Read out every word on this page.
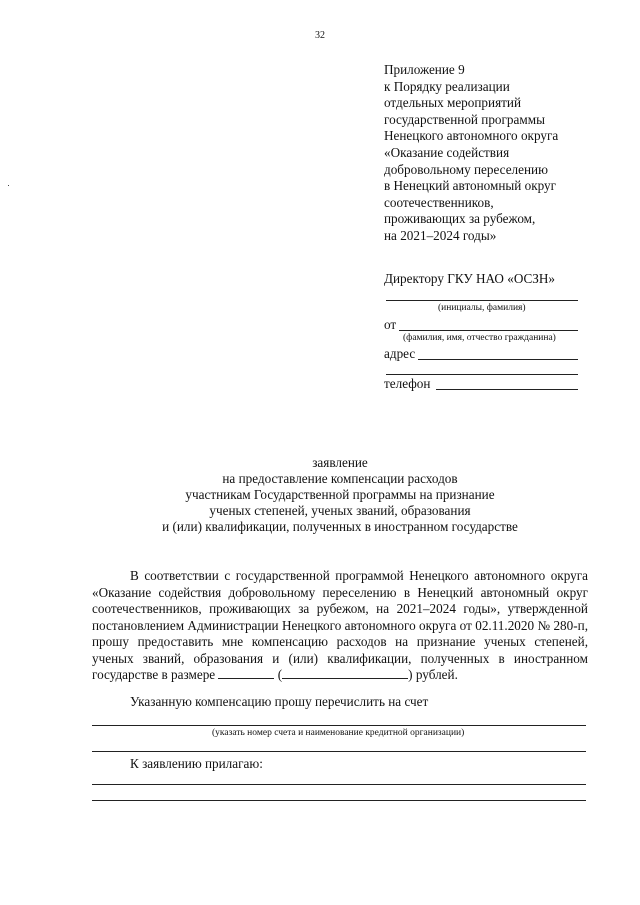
32
Приложение 9
к Порядку реализации
отдельных мероприятий
государственной программы
Ненецкого автономного округа
«Оказание содействия
добровольному переселению
в Ненецкий автономный округ
соотечественников,
проживающих за рубежом,
на 2021–2024 годы»
Директору ГКУ НАО «ОСЗН»
(инициалы, фамилия)
от
(фамилия, имя, отчество гражданина)
адрес
телефон
заявление
на предоставление компенсации расходов
участникам Государственной программы на признание
ученых степеней, ученых званий, образования
и (или) квалификации, полученных в иностранном государстве

В соответствии с государственной программой Ненецкого автономного округа «Оказание содействия добровольному переселению в Ненецкий автономный округ соотечественников, проживающих за рубежом, на 2021–2024 годы», утвержденной постановлением Администрации Ненецкого автономного округа от 02.11.2020 № 280-п, прошу предоставить мне компенсацию расходов на признание ученых степеней, ученых званий, образования и (или) квалификации, полученных в иностранном государстве в размере	(	) рублей.

Указанную компенсацию прошу перечислить на счет
(указать номер счета и наименование кредитной организации)
К заявлению прилагаю:
